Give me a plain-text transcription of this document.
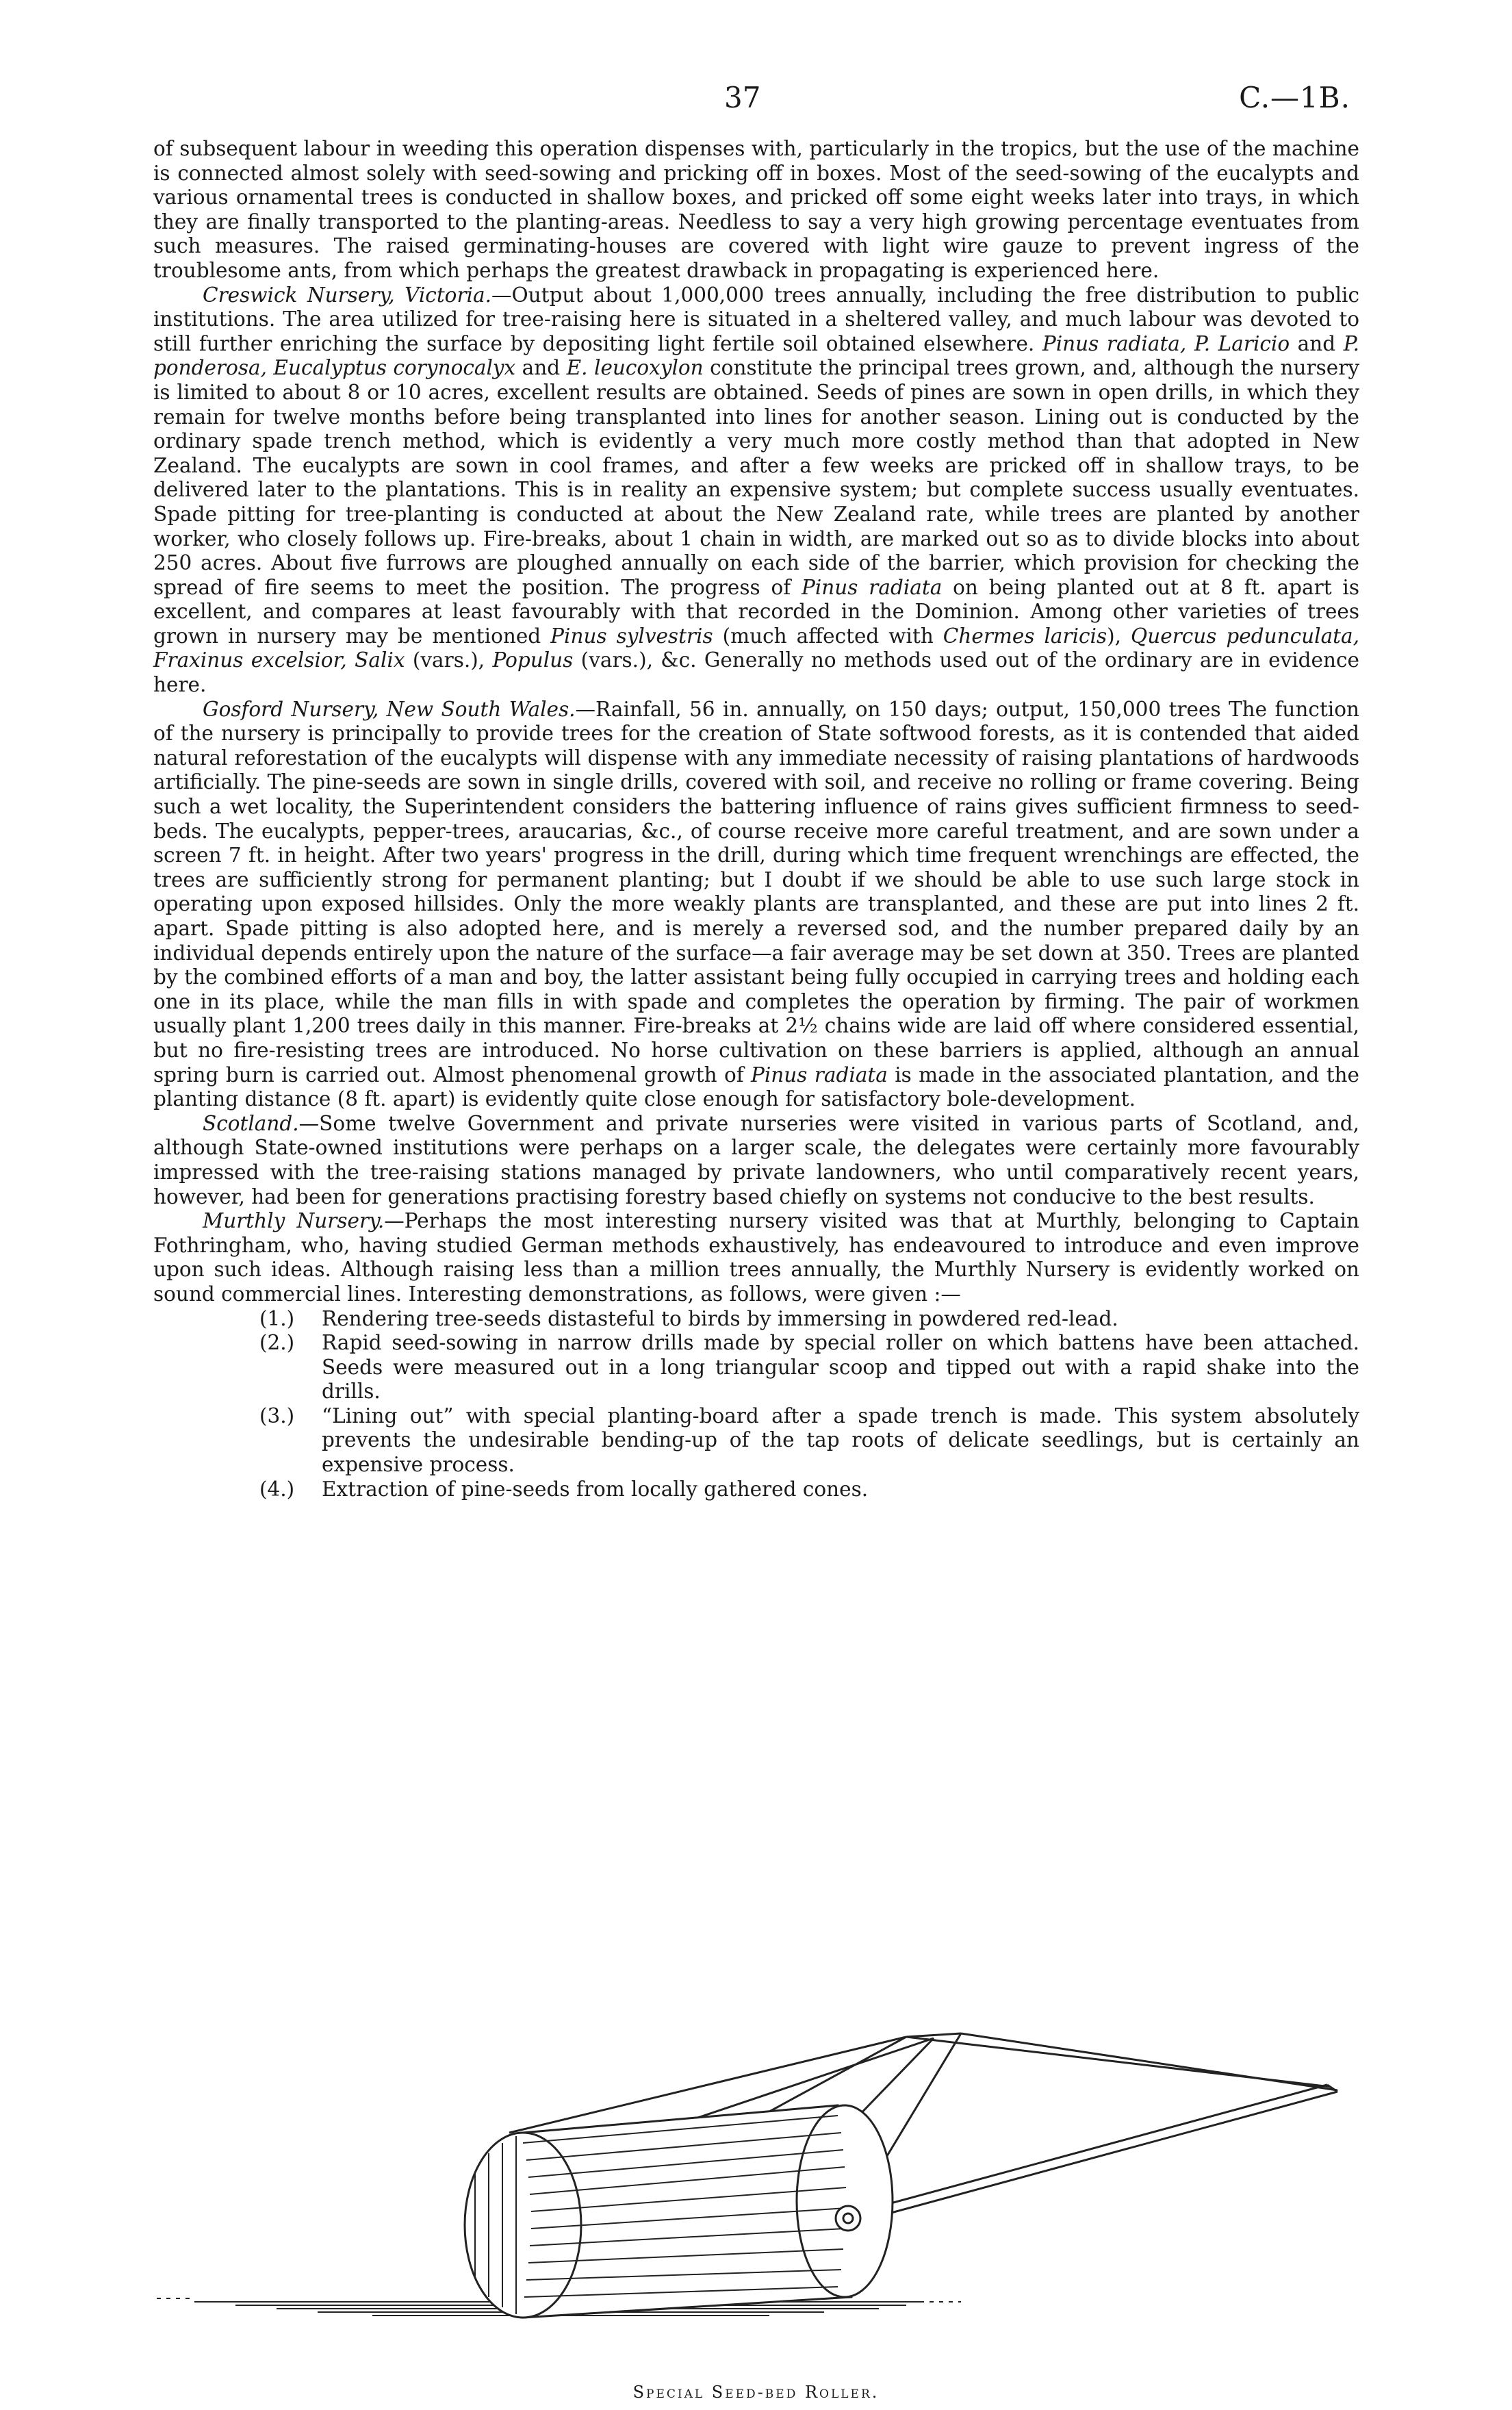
37	C.—1B.

of subsequent labour in weeding this operation dispenses with, particularly in the tropics, but the use of the machine is connected almost solely with seed-sowing and pricking off in boxes. Most of the seed-sowing of the eucalypts and various ornamental trees is conducted in shallow boxes, and pricked off some eight weeks later into trays, in which they are finally transported to the planting-areas. Needless to say a very high growing percentage eventuates from such measures. The raised germinating-houses are covered with light wire gauze to prevent ingress of the troublesome ants, from which perhaps the greatest drawback in propagating is experienced here.

Creswick Nursery, Victoria.—Output about 1,000,000 trees annually, including the free distribution to public institutions. The area utilized for tree-raising here is situated in a sheltered valley, and much labour was devoted to still further enriching the surface by depositing light fertile soil obtained elsewhere. Pinus radiata, P. Laricio and P. ponderosa, Eucalyptus corynocalyx and E. leucoxylon constitute the principal trees grown, and, although the nursery is limited to about 8 or 10 acres, excellent results are obtained. Seeds of pines are sown in open drills, in which they remain for twelve months before being transplanted into lines for another season. Lining out is conducted by the ordinary spade trench method, which is evidently a very much more costly method than that adopted in New Zealand. The eucalypts are sown in cool frames, and after a few weeks are pricked off in shallow trays, to be delivered later to the plantations. This is in reality an expensive system; but complete success usually eventuates. Spade pitting for tree-planting is conducted at about the New Zealand rate, while trees are planted by another worker, who closely follows up. Fire-breaks, about 1 chain in width, are marked out so as to divide blocks into about 250 acres. About five furrows are ploughed annually on each side of the barrier, which provision for checking the spread of fire seems to meet the position. The progress of Pinus radiata on being planted out at 8 ft. apart is excellent, and compares at least favourably with that recorded in the Dominion. Among other varieties of trees grown in nursery may be mentioned Pinus sylvestris (much affected with Chermes laricis), Quercus pedunculata, Fraxinus excelsior, Salix (vars.), Populus (vars.), &c. Generally no methods used out of the ordinary are in evidence here.

Gosford Nursery, New South Wales.—Rainfall, 56 in. annually, on 150 days; output, 150,000 trees The function of the nursery is principally to provide trees for the creation of State softwood forests, as it is contended that aided natural reforestation of the eucalypts will dispense with any immediate necessity of raising plantations of hardwoods artificially. The pine-seeds are sown in single drills, covered with soil, and receive no rolling or frame covering. Being such a wet locality, the Superintendent considers the battering influence of rains gives sufficient firmness to seed-beds. The eucalypts, pepper-trees, araucarias, &c., of course receive more careful treatment, and are sown under a screen 7 ft. in height. After two years' progress in the drill, during which time frequent wrenchings are effected, the trees are sufficiently strong for permanent planting; but I doubt if we should be able to use such large stock in operating upon exposed hillsides. Only the more weakly plants are transplanted, and these are put into lines 2 ft. apart. Spade pitting is also adopted here, and is merely a reversed sod, and the number prepared daily by an individual depends entirely upon the nature of the surface—a fair average may be set down at 350. Trees are planted by the combined efforts of a man and boy, the latter assistant being fully occupied in carrying trees and holding each one in its place, while the man fills in with spade and completes the operation by firming. The pair of workmen usually plant 1,200 trees daily in this manner. Fire-breaks at 2½ chains wide are laid off where considered essential, but no fire-resisting trees are introduced. No horse cultivation on these barriers is applied, although an annual spring burn is carried out. Almost phenomenal growth of Pinus radiata is made in the associated plantation, and the planting distance (8 ft. apart) is evidently quite close enough for satisfactory bole-development.

Scotland.—Some twelve Government and private nurseries were visited in various parts of Scotland, and, although State-owned institutions were perhaps on a larger scale, the delegates were certainly more favourably impressed with the tree-raising stations managed by private landowners, who until comparatively recent years, however, had been for generations practising forestry based chiefly on systems not conducive to the best results.

Murthly Nursery.—Perhaps the most interesting nursery visited was that at Murthly, belonging to Captain Fothringham, who, having studied German methods exhaustively, has endeavoured to introduce and even improve upon such ideas. Although raising less than a million trees annually, the Murthly Nursery is evidently worked on sound commercial lines. Interesting demonstrations, as follows, were given :—

(1.) Rendering tree-seeds distasteful to birds by immersing in powdered red-lead.
(2.) Rapid seed-sowing in narrow drills made by special roller on which battens have been attached. Seeds were measured out in a long triangular scoop and tipped out with a rapid shake into the drills.
(3.) “Lining out” with special planting-board after a spade trench is made. This system absolutely prevents the undesirable bending-up of the tap roots of delicate seedlings, but is certainly an expensive process.
(4.) Extraction of pine-seeds from locally gathered cones.
Special Seed-bed Roller.
